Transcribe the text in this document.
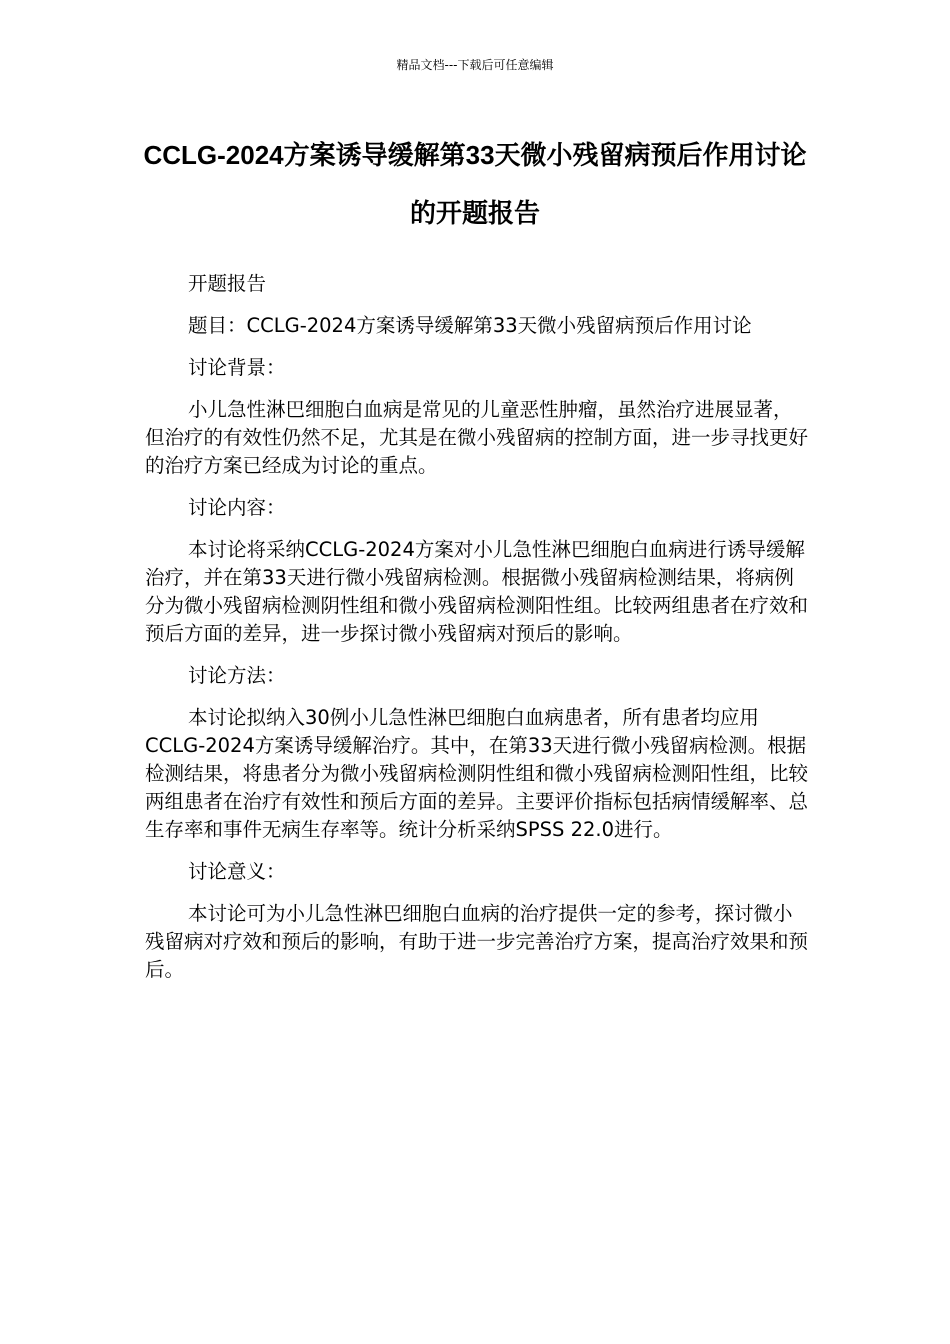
精品文档---下载后可任意编辑
CCLG-2024方案诱导缓解第33天微小残留病预后作用讨论的开题报告

开题报告

题目：CCLG-2024方案诱导缓解第33天微小残留病预后作用讨论

讨论背景：

小儿急性淋巴细胞白血病是常见的儿童恶性肿瘤，虽然治疗进展显著，但治疗的有效性仍然不足，尤其是在微小残留病的控制方面，进一步寻找更好的治疗方案已经成为讨论的重点。

讨论内容：

本讨论将采纳CCLG-2024方案对小儿急性淋巴细胞白血病进行诱导缓解治疗，并在第33天进行微小残留病检测。根据微小残留病检测结果，将病例分为微小残留病检测阴性组和微小残留病检测阳性组。比较两组患者在疗效和预后方面的差异，进一步探讨微小残留病对预后的影响。

讨论方法：

本讨论拟纳入30例小儿急性淋巴细胞白血病患者，所有患者均应用CCLG-2024方案诱导缓解治疗。其中，在第33天进行微小残留病检测。根据检测结果，将患者分为微小残留病检测阴性组和微小残留病检测阳性组，比较两组患者在治疗有效性和预后方面的差异。主要评价指标包括病情缓解率、总生存率和事件无病生存率等。统计分析采纳SPSS 22.0进行。

讨论意义：

本讨论可为小儿急性淋巴细胞白血病的治疗提供一定的参考，探讨微小残留病对疗效和预后的影响，有助于进一步完善治疗方案，提高治疗效果和预后。
